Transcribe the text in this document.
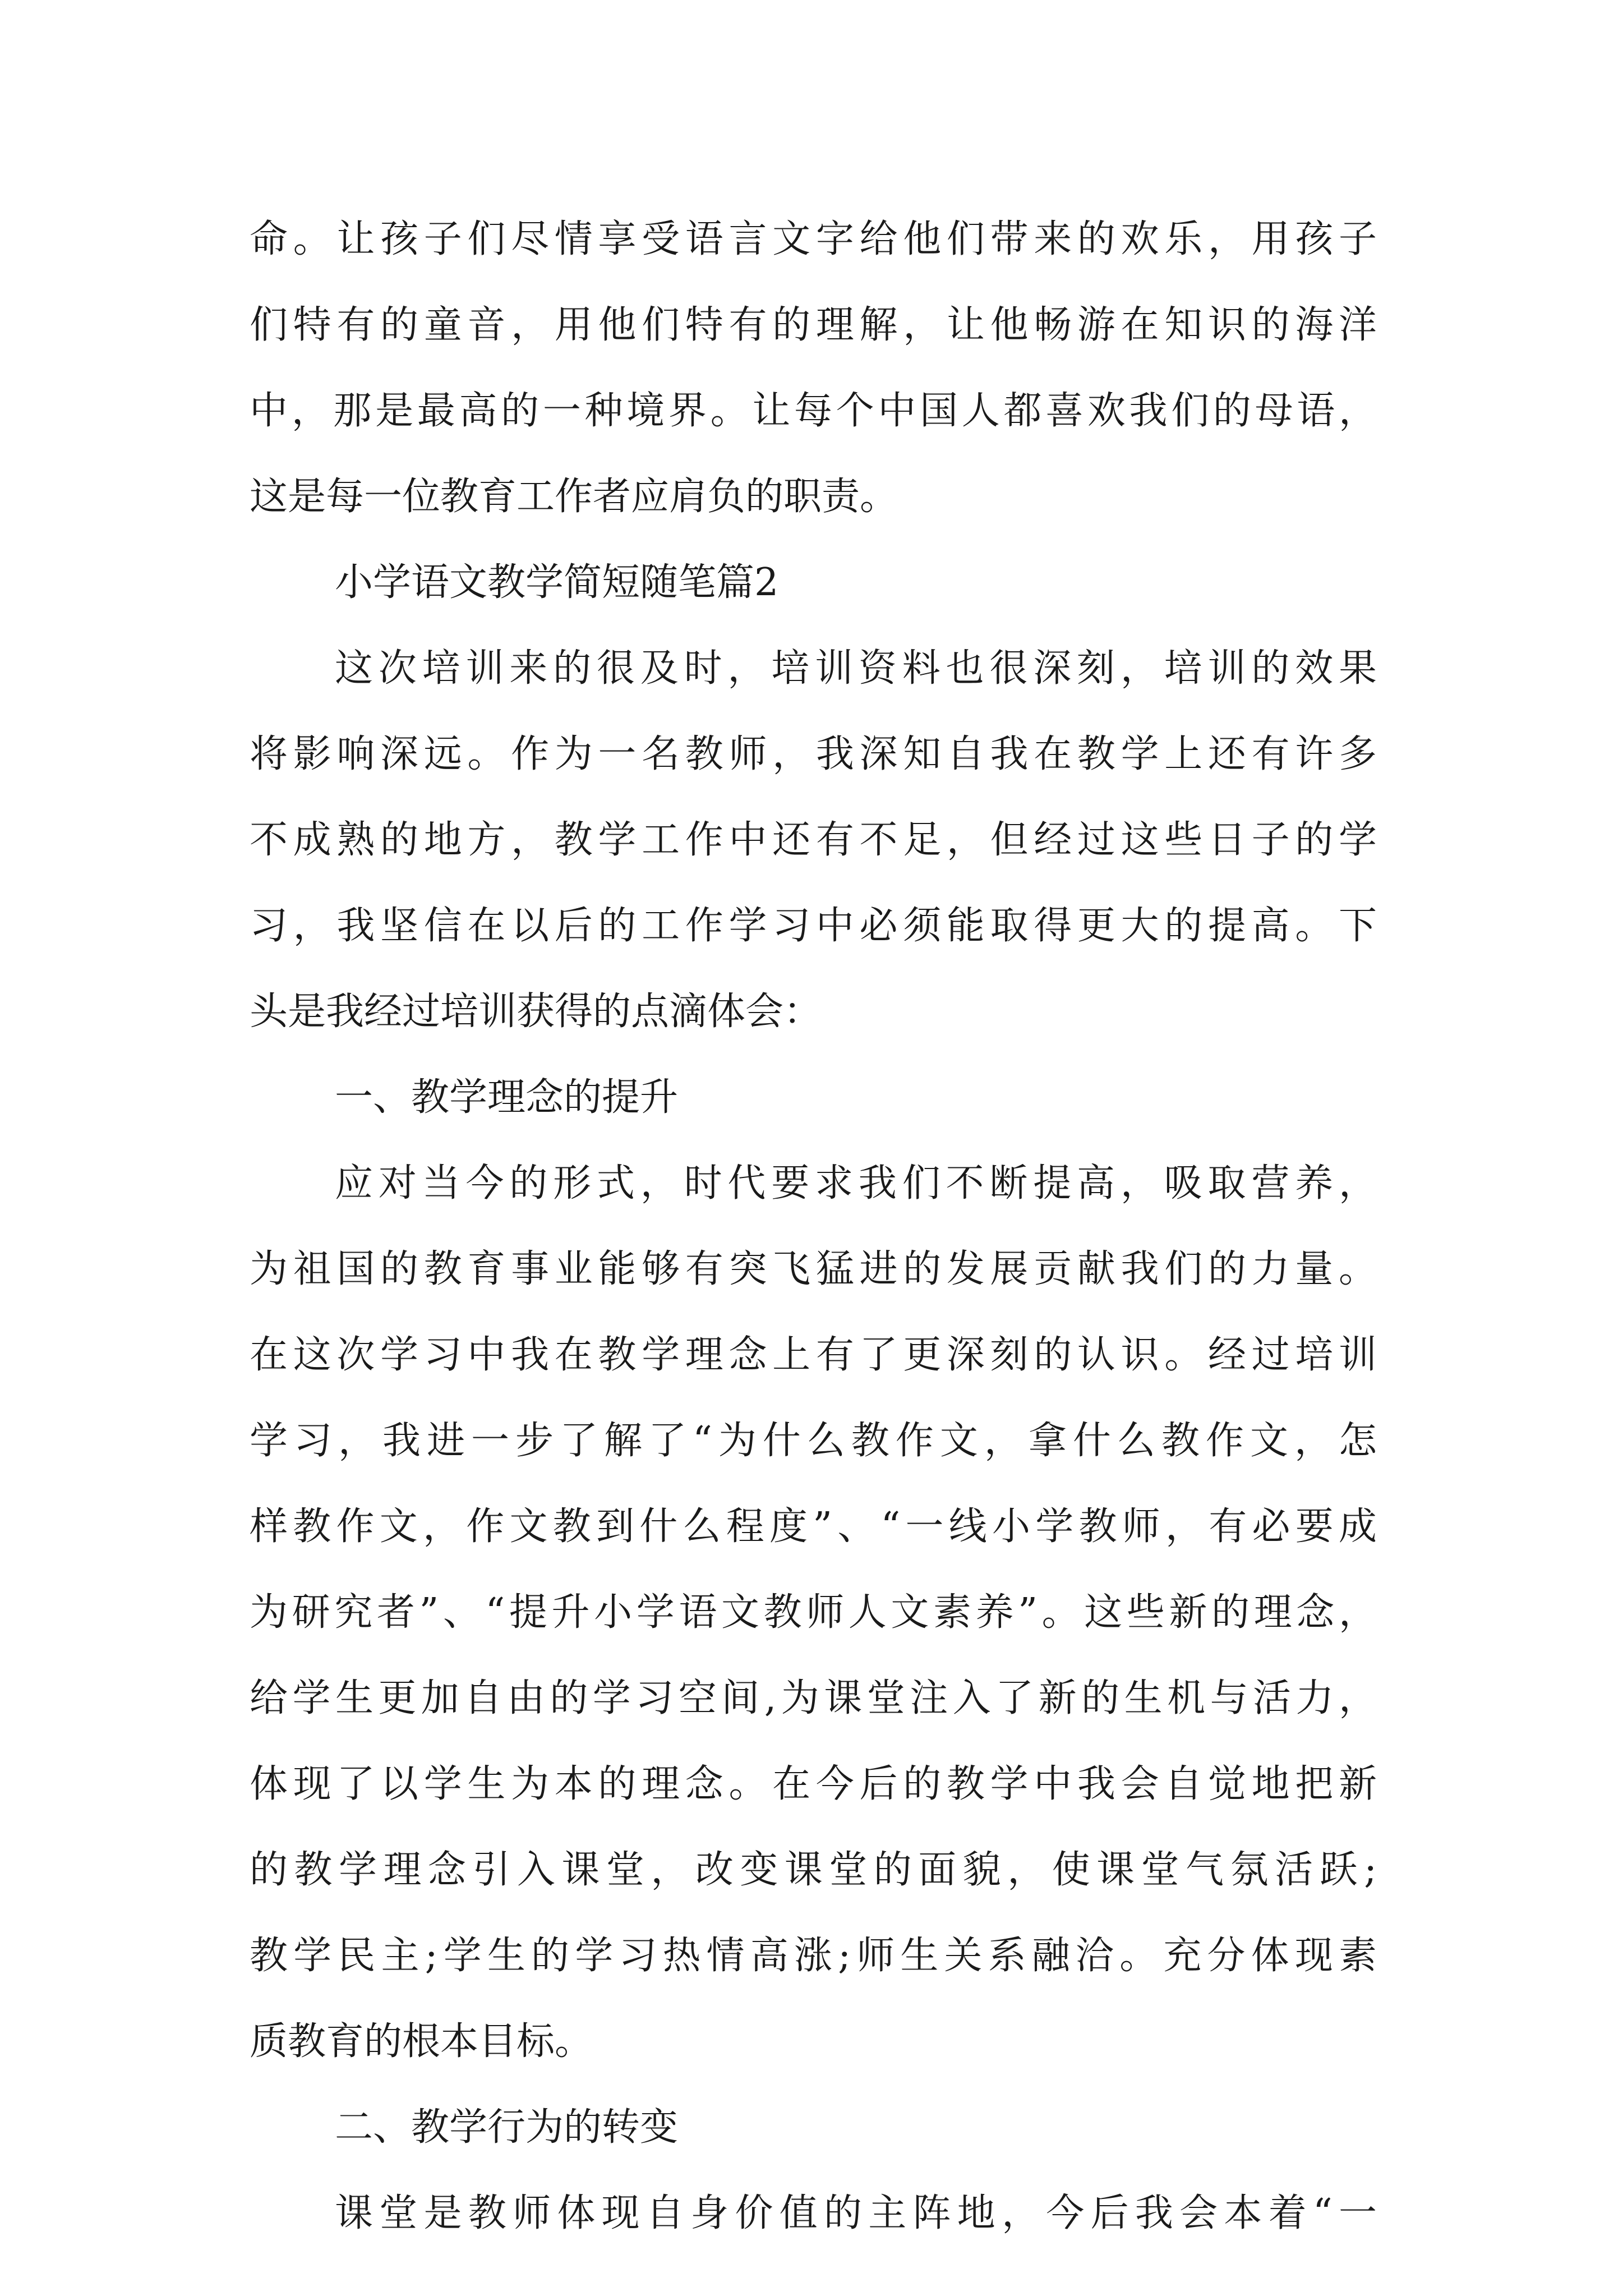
命。让孩子们尽情享受语言文字给他们带来的欢乐，用孩子
们特有的童音，用他们特有的理解，让他畅游在知识的海洋
中，那是最高的一种境界。让每个中国人都喜欢我们的母语，
这是每一位教育工作者应肩负的职责。
小学语文教学简短随笔篇2
这次培训来的很及时，培训资料也很深刻，培训的效果
将影响深远。作为一名教师，我深知自我在教学上还有许多
不成熟的地方，教学工作中还有不足，但经过这些日子的学
习，我坚信在以后的工作学习中必须能取得更大的提高。下
头是我经过培训获得的点滴体会：
一、教学理念的提升
应对当今的形式，时代要求我们不断提高，吸取营养，
为祖国的教育事业能够有突飞猛进的发展贡献我们的力量。
在这次学习中我在教学理念上有了更深刻的认识。经过培训
学习，我进一步了解了“为什么教作文，拿什么教作文，怎
样教作文，作文教到什么程度”、“一线小学教师，有必要成
为研究者”、“提升小学语文教师人文素养”。这些新的理念，
给学生更加自由的学习空间,为课堂注入了新的生机与活力，
体现了以学生为本的理念。在今后的教学中我会自觉地把新
的教学理念引入课堂，改变课堂的面貌，使课堂气氛活跃;
教学民主;学生的学习热情高涨;师生关系融洽。充分体现素
质教育的根本目标。
二、教学行为的转变
课堂是教师体现自身价值的主阵地，今后我会本着“一
